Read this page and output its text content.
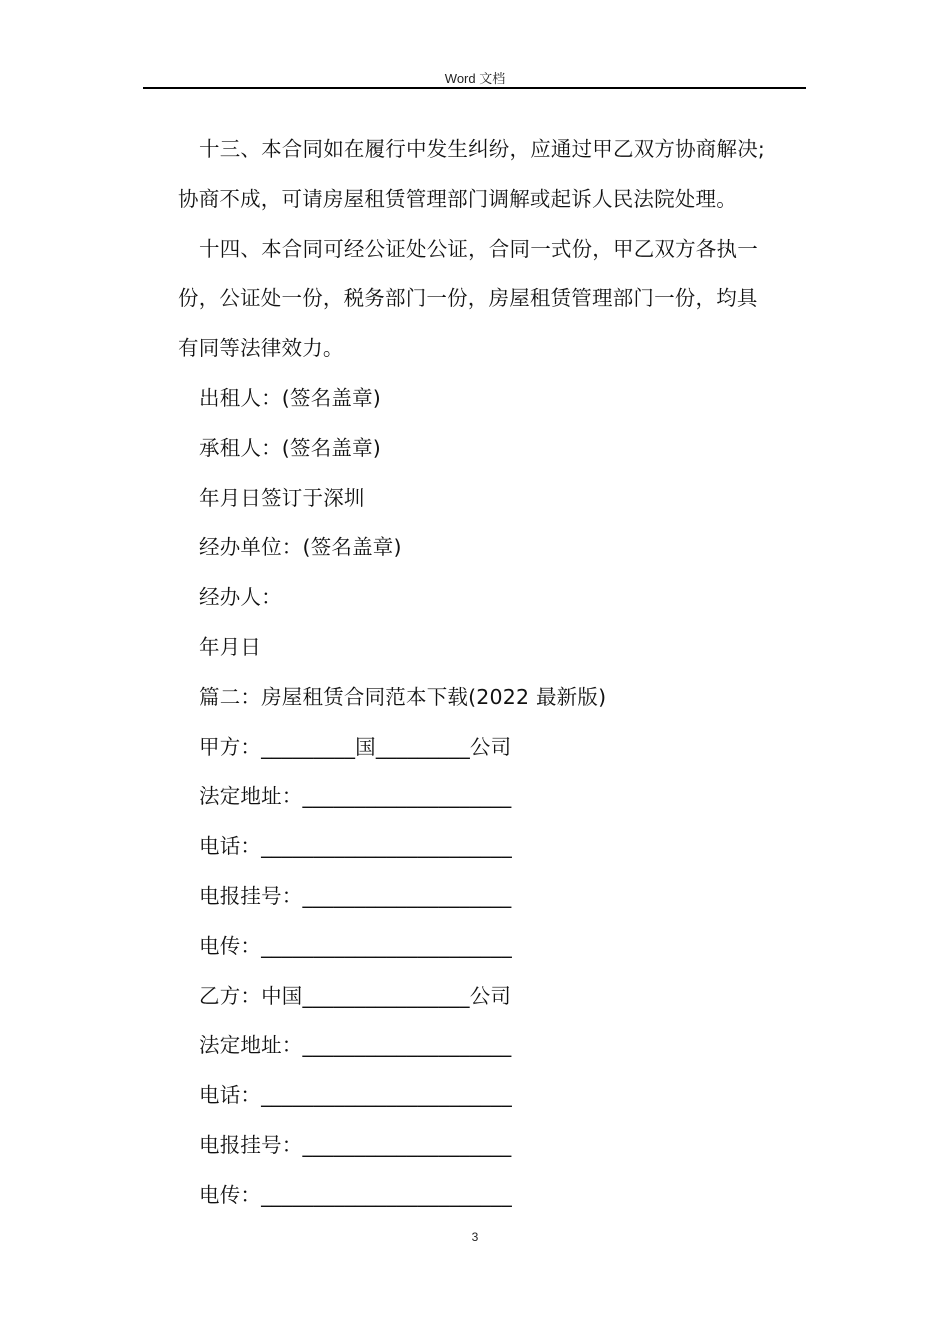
Word 文档
十三、本合同如在履行中发生纠纷，应通过甲乙双方协商解决;
协商不成，可请房屋租赁管理部门调解或起诉人民法院处理。
十四、本合同可经公证处公证，合同一式份，甲乙双方各执一
份，公证处一份，税务部门一份，房屋租赁管理部门一份，均具
有同等法律效力。
出租人：(签名盖章)
承租人：(签名盖章)
年月日签订于深圳
经办单位：(签名盖章)
经办人：
年月日
篇二：房屋租赁合同范本下载(2022 最新版)
甲方：_________国_________公司
法定地址：____________________
电话：________________________
电报挂号：____________________
电传：________________________
乙方：中国________________公司
法定地址：____________________
电话：________________________
电报挂号：____________________
电传：________________________
3
